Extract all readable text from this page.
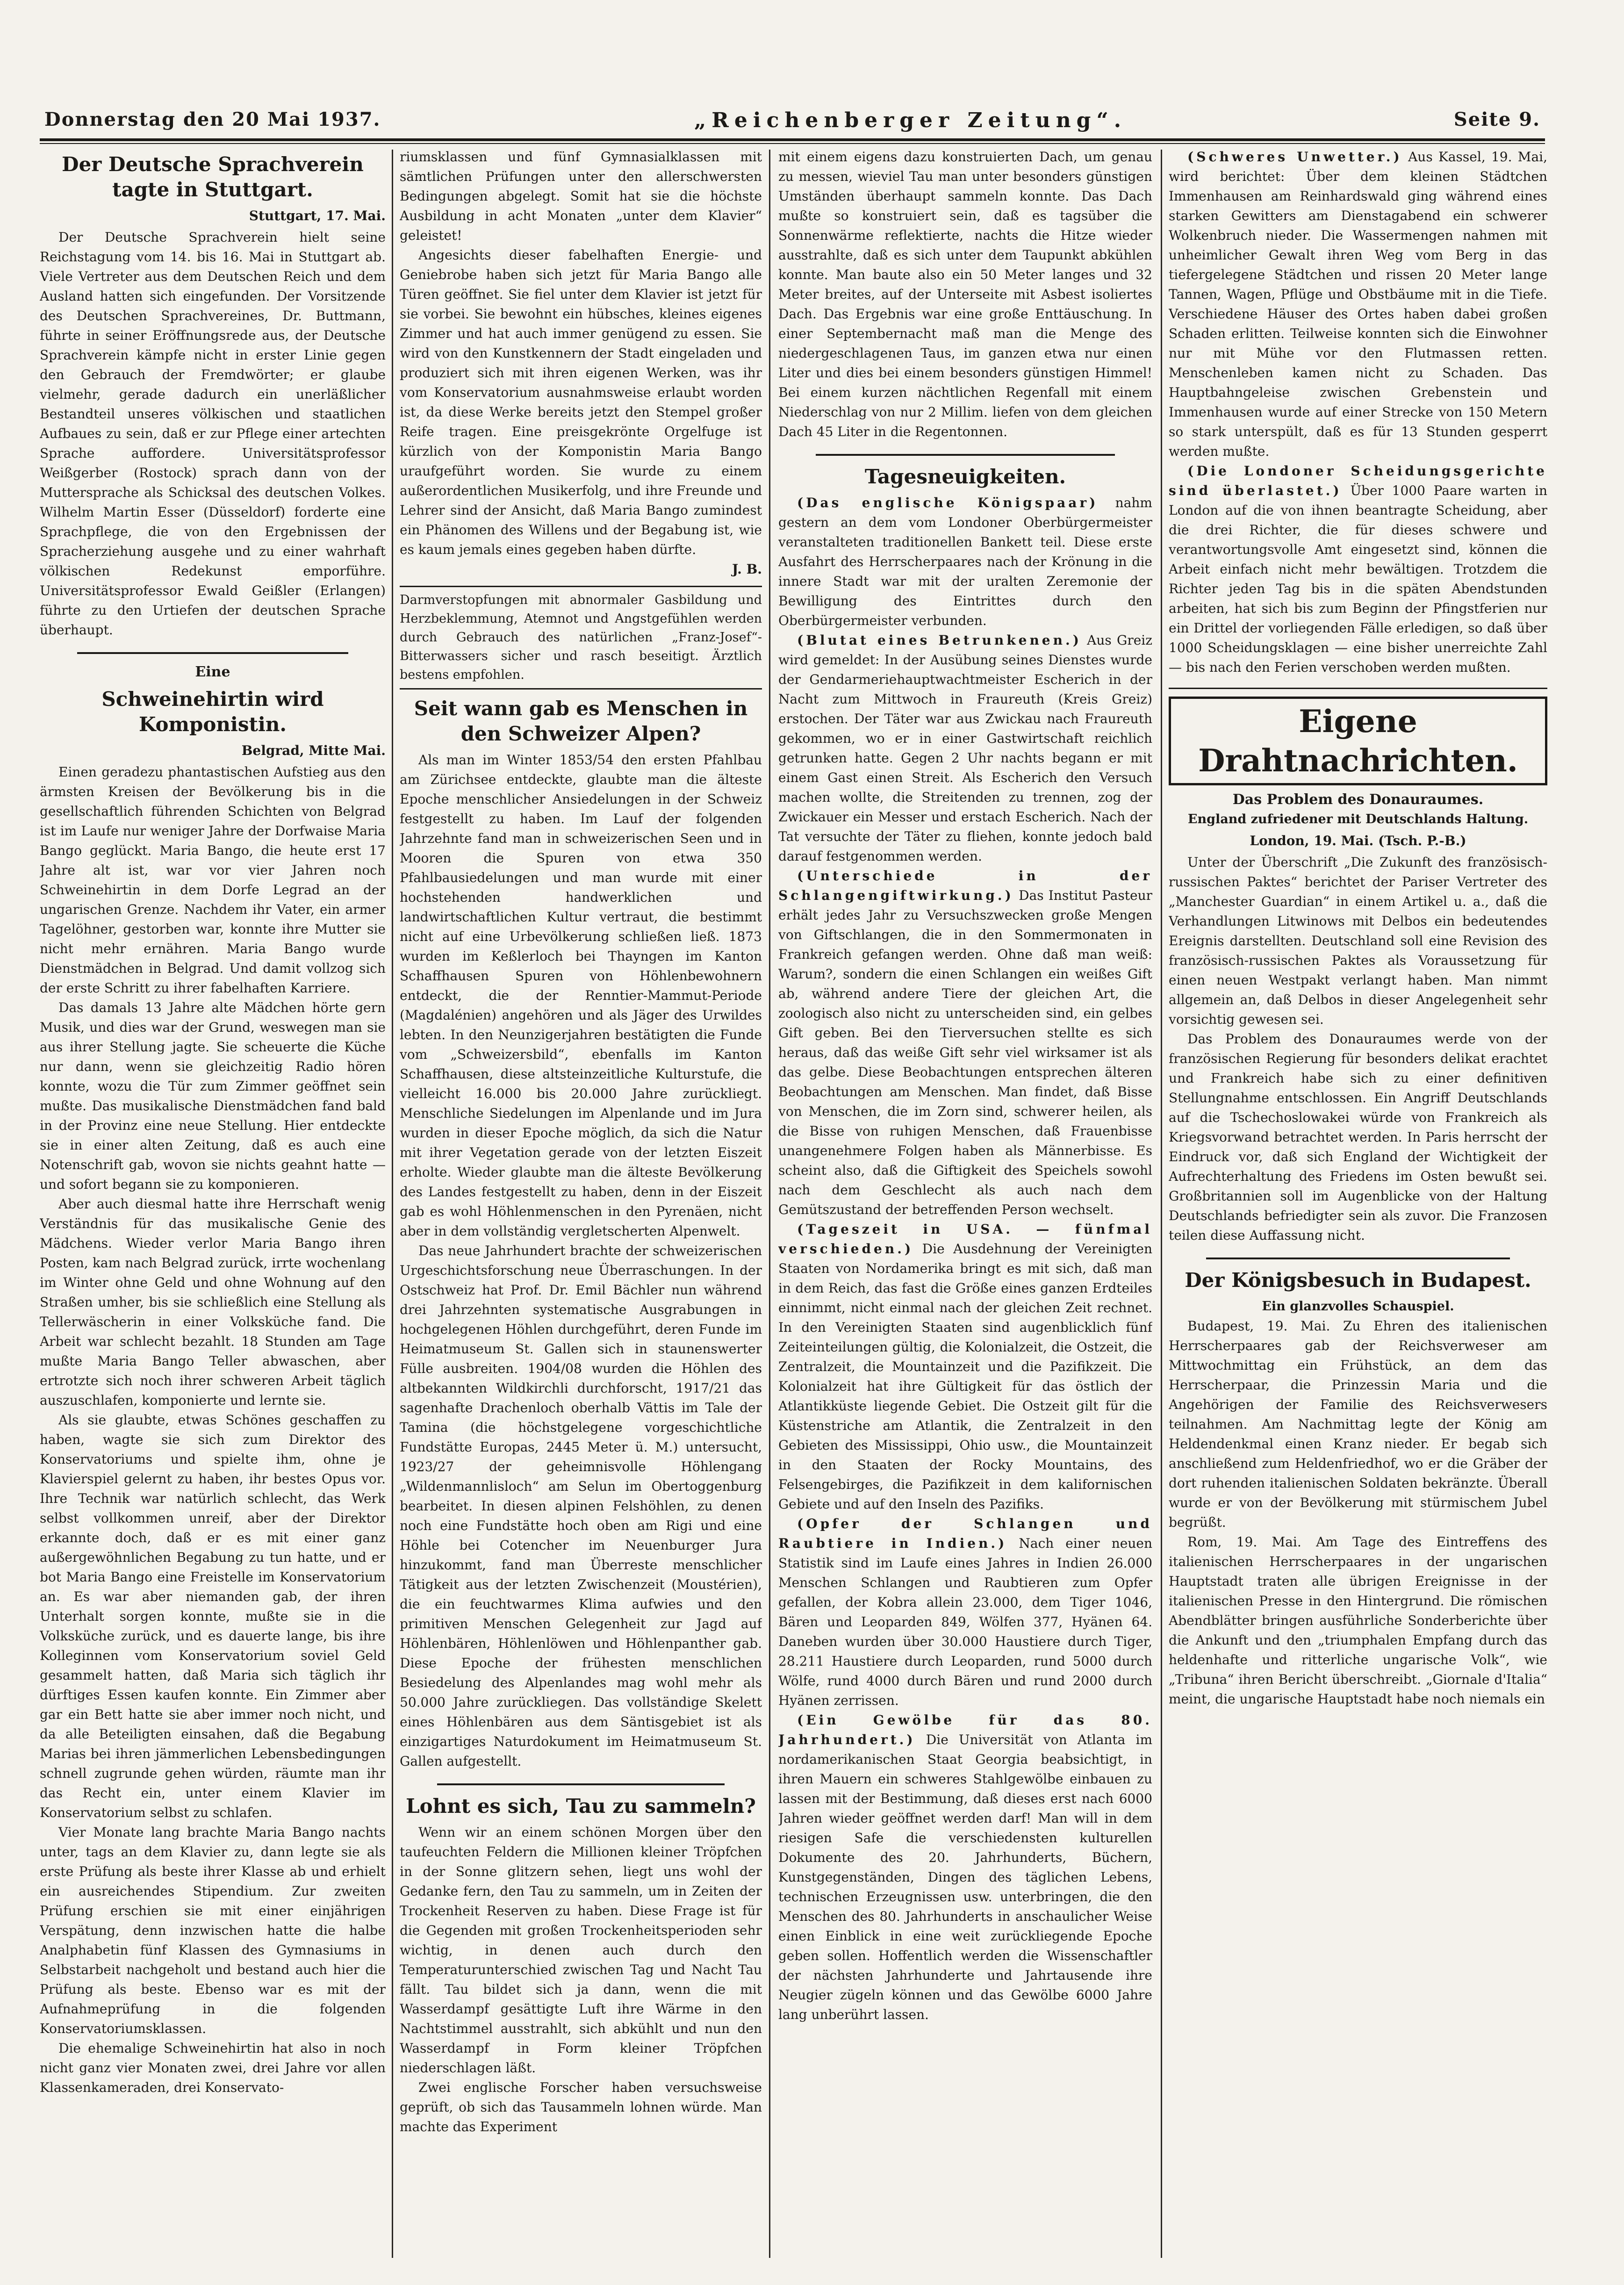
Donnerstag den 20 Mai 1937.	„Reichenberger Zeitung“.	Seite 9.
Der Deutsche Sprachverein tagte in Stuttgart.
Stuttgart, 17. Mai.

Der Deutsche Sprachverein hielt seine Reichstagung vom 14. bis 16. Mai in Stuttgart ab. Viele Vertreter aus dem Deutschen Reich und dem Ausland hatten sich eingefunden. Der Vorsitzende des Deutschen Sprachvereines, Dr. Buttmann, führte in seiner Eröffnungsrede aus, der Deutsche Sprachverein kämpfe nicht in erster Linie gegen den Gebrauch der Fremdwörter; er glaube vielmehr, gerade dadurch ein unerläßlicher Bestandteil unseres völkischen und staatlichen Aufbaues zu sein, daß er zur Pflege einer artechten Sprache auffordere. Universitätsprofessor Weißgerber (Rostock) sprach dann von der Muttersprache als Schicksal des deutschen Volkes. Wilhelm Martin Esser (Düsseldorf) forderte eine Sprachpflege, die von den Ergebnissen der Spracherziehung ausgehe und zu einer wahrhaft völkischen Redekunst emporführe. Universitätsprofessor Ewald Geißler (Erlangen) führte zu den Urtiefen der deutschen Sprache überhaupt.

Eine
Schweinehirtin wird Komponistin.
Belgrad, Mitte Mai.

Einen geradezu phantastischen Aufstieg aus den ärmsten Kreisen der Bevölkerung bis in die gesellschaftlich führenden Schichten von Belgrad ist im Laufe nur weniger Jahre der Dorfwaise Maria Bango geglückt. Maria Bango, die heute erst 17 Jahre alt ist, war vor vier Jahren noch Schweinehirtin in dem Dorfe Legrad an der ungarischen Grenze. Nachdem ihr Vater, ein armer Tagelöhner, gestorben war, konnte ihre Mutter sie nicht mehr ernähren. Maria Bango wurde Dienstmädchen in Belgrad. Und damit vollzog sich der erste Schritt zu ihrer fabelhaften Karriere.

Das damals 13 Jahre alte Mädchen hörte gern Musik, und dies war der Grund, weswegen man sie aus ihrer Stellung jagte. Sie scheuerte die Küche nur dann, wenn sie gleichzeitig Radio hören konnte, wozu die Tür zum Zimmer geöffnet sein mußte. Das musikalische Dienstmädchen fand bald in der Provinz eine neue Stellung. Hier entdeckte sie in einer alten Zeitung, daß es auch eine Notenschrift gab, wovon sie nichts geahnt hatte — und sofort begann sie zu komponieren.

Aber auch diesmal hatte ihre Herrschaft wenig Verständnis für das musikalische Genie des Mädchens. Wieder verlor Maria Bango ihren Posten, kam nach Belgrad zurück, irrte wochenlang im Winter ohne Geld und ohne Wohnung auf den Straßen umher, bis sie schließlich eine Stellung als Tellerwäscherin in einer Volksküche fand. Die Arbeit war schlecht bezahlt. 18 Stunden am Tage mußte Maria Bango Teller abwaschen, aber ertrotzte sich noch ihrer schweren Arbeit täglich auszuschlafen, komponierte und lernte sie.

Als sie glaubte, etwas Schönes geschaffen zu haben, wagte sie sich zum Direktor des Konservatoriums und spielte ihm, ohne je Klavierspiel gelernt zu haben, ihr bestes Opus vor. Ihre Technik war natürlich schlecht, das Werk selbst vollkommen unreif, aber der Direktor erkannte doch, daß er es mit einer ganz außergewöhnlichen Begabung zu tun hatte, und er bot Maria Bango eine Freistelle im Konservatorium an. Es war aber niemanden gab, der ihren Unterhalt sorgen konnte, mußte sie in die Volksküche zurück, und es dauerte lange, bis ihre Kolleginnen vom Konservatorium soviel Geld gesammelt hatten, daß Maria sich täglich ihr dürftiges Essen kaufen konnte. Ein Zimmer aber gar ein Bett hatte sie aber immer noch nicht, und da alle Beteiligten einsahen, daß die Begabung Marias bei ihren jämmerlichen Lebensbedingungen schnell zugrunde gehen würden, räumte man ihr das Recht ein, unter einem Klavier im Konservatorium selbst zu schlafen.

Vier Monate lang brachte Maria Bango nachts unter, tags an dem Klavier zu, dann legte sie als erste Prüfung als beste ihrer Klasse ab und erhielt ein ausreichendes Stipendium. Zur zweiten Prüfung erschien sie mit einer einjährigen Verspätung, denn inzwischen hatte die halbe Analphabetin fünf Klassen des Gymnasiums in Selbstarbeit nachgeholt und bestand auch hier die Prüfung als beste. Ebenso war es mit der Aufnahmeprüfung in die folgenden Konservatoriumsklassen.

Die ehemalige Schweinehirtin hat also in noch nicht ganz vier Monaten zwei, drei Jahre vor allen Klassenkameraden, drei Konservato-

riumsklassen und fünf Gymnasialklassen mit sämtlichen Prüfungen unter den allerschwersten Bedingungen abgelegt. Somit hat sie die höchste Ausbildung in acht Monaten „unter dem Klavier“ geleistet!

Angesichts dieser fabelhaften Energie- und Geniebrobe haben sich jetzt für Maria Bango alle Türen geöffnet. Sie fiel unter dem Klavier ist jetzt für sie vorbei. Sie bewohnt ein hübsches, kleines eigenes Zimmer und hat auch immer genügend zu essen. Sie wird von den Kunstkennern der Stadt eingeladen und produziert sich mit ihren eigenen Werken, was ihr vom Konservatorium ausnahmsweise erlaubt worden ist, da diese Werke bereits jetzt den Stempel großer Reife tragen. Eine preisgekrönte Orgelfuge ist kürzlich von der Komponistin Maria Bango uraufgeführt worden. Sie wurde zu einem außerordentlichen Musikerfolg, und ihre Freunde und Lehrer sind der Ansicht, daß Maria Bango zumindest ein Phänomen des Willens und der Begabung ist, wie es kaum jemals eines gegeben haben dürfte.

J. B.
Darmverstopfungen mit abnormaler Gasbildung und Herzbeklemmung, Atemnot und Angstgefühlen werden durch Gebrauch des natürlichen „Franz-Josef“-Bitterwassers sicher und rasch beseitigt. Ärztlich bestens empfohlen.
Seit wann gab es Menschen in den Schweizer Alpen?

Als man im Winter 1853/54 den ersten Pfahlbau am Zürichsee entdeckte, glaubte man die älteste Epoche menschlicher Ansiedelungen in der Schweiz festgestellt zu haben. Im Lauf der folgenden Jahrzehnte fand man in schweizerischen Seen und in Mooren die Spuren von etwa 350 Pfahlbausiedelungen und man wurde mit einer hochstehenden handwerklichen und landwirtschaftlichen Kultur vertraut, die bestimmt nicht auf eine Urbevölkerung schließen ließ. 1873 wurden im Keßlerloch bei Thayngen im Kanton Schaffhausen Spuren von Höhlenbewohnern entdeckt, die der Renntier-Mammut-Periode (Magdalénien) angehören und als Jäger des Urwildes lebten. In den Neunzigerjahren bestätigten die Funde vom „Schweizersbild“, ebenfalls im Kanton Schaffhausen, diese altsteinzeitliche Kulturstufe, die vielleicht 16.000 bis 20.000 Jahre zurückliegt. Menschliche Siedelungen im Alpenlande und im Jura wurden in dieser Epoche möglich, da sich die Natur mit ihrer Vegetation gerade von der letzten Eiszeit erholte. Wieder glaubte man die älteste Bevölkerung des Landes festgestellt zu haben, denn in der Eiszeit gab es wohl Höhlenmenschen in den Pyrenäen, nicht aber in dem vollständig vergletscherten Alpenwelt.

Das neue Jahrhundert brachte der schweizerischen Urgeschichtsforschung neue Überraschungen. In der Ostschweiz hat Prof. Dr. Emil Bächler nun während drei Jahrzehnten systematische Ausgrabungen in hochgelegenen Höhlen durchgeführt, deren Funde im Heimatmuseum St. Gallen sich in staunenswerter Fülle ausbreiten. 1904/08 wurden die Höhlen des altbekannten Wildkirchli durchforscht, 1917/21 das sagenhafte Drachenloch oberhalb Vättis im Tale der Tamina (die höchstgelegene vorgeschichtliche Fundstätte Europas, 2445 Meter ü. M.) untersucht, 1923/27 der geheimnisvolle Höhlengang „Wildenmannlisloch“ am Selun im Obertoggenburg bearbeitet. In diesen alpinen Felshöhlen, zu denen noch eine Fundstätte hoch oben am Rigi und eine Höhle bei Cotencher im Neuenburger Jura hinzukommt, fand man Überreste menschlicher Tätigkeit aus der letzten Zwischenzeit (Moustérien), die ein feuchtwarmes Klima aufwies und den primitiven Menschen Gelegenheit zur Jagd auf Höhlenbären, Höhlenlöwen und Höhlenpanther gab. Diese Epoche der frühesten menschlichen Besiedelung des Alpenlandes mag wohl mehr als 50.000 Jahre zurückliegen. Das vollständige Skelett eines Höhlenbären aus dem Säntisgebiet ist als einzigartiges Naturdokument im Heimatmuseum St. Gallen aufgestellt.

Lohnt es sich, Tau zu sammeln?

Wenn wir an einem schönen Morgen über den taufeuchten Feldern die Millionen kleiner Tröpfchen in der Sonne glitzern sehen, liegt uns wohl der Gedanke fern, den Tau zu sammeln, um in Zeiten der Trockenheit Reserven zu haben. Diese Frage ist für die Gegenden mit großen Trockenheitsperioden sehr wichtig, in denen auch durch den Temperaturunterschied zwischen Tag und Nacht Tau fällt. Tau bildet sich ja dann, wenn die mit Wasserdampf gesättigte Luft ihre Wärme in den Nachtstimmel ausstrahlt, sich abkühlt und nun den Wasserdampf in Form kleiner Tröpfchen niederschlagen läßt.

Zwei englische Forscher haben versuchsweise geprüft, ob sich das Tausammeln lohnen würde. Man machte das Experiment

mit einem eigens dazu konstruierten Dach, um genau zu messen, wieviel Tau man unter besonders günstigen Umständen überhaupt sammeln konnte. Das Dach mußte so konstruiert sein, daß es tagsüber die Sonnenwärme reflektierte, nachts die Hitze wieder ausstrahlte, daß es sich unter dem Taupunkt abkühlen konnte. Man baute also ein 50 Meter langes und 32 Meter breites, auf der Unterseite mit Asbest isoliertes Dach. Das Ergebnis war eine große Enttäuschung. In einer Septembernacht maß man die Menge des niedergeschlagenen Taus, im ganzen etwa nur einen Liter und dies bei einem besonders günstigen Himmel! Bei einem kurzen nächtlichen Regenfall mit einem Niederschlag von nur 2 Millim. liefen von dem gleichen Dach 45 Liter in die Regentonnen.

Tagesneuigkeiten.

(Das englische Königspaar) nahm gestern an dem vom Londoner Oberbürgermeister veranstalteten traditionellen Bankett teil. Diese erste Ausfahrt des Herrscherpaares nach der Krönung in die innere Stadt war mit der uralten Zeremonie der Bewilligung des Eintrittes durch den Oberbürgermeister verbunden.

(Blutat eines Betrunkenen.) Aus Greiz wird gemeldet: In der Ausübung seines Dienstes wurde der Gendarmeriehauptwachtmeister Escherich in der Nacht zum Mittwoch in Fraureuth (Kreis Greiz) erstochen. Der Täter war aus Zwickau nach Fraureuth gekommen, wo er in einer Gastwirtschaft reichlich getrunken hatte. Gegen 2 Uhr nachts begann er mit einem Gast einen Streit. Als Escherich den Versuch machen wollte, die Streitenden zu trennen, zog der Zwickauer ein Messer und erstach Escherich. Nach der Tat versuchte der Täter zu fliehen, konnte jedoch bald darauf festgenommen werden.

(Unterschiede in der Schlangengiftwirkung.) Das Institut Pasteur erhält jedes Jahr zu Versuchszwecken große Mengen von Giftschlangen, die in den Sommermonaten in Frankreich gefangen werden. Ohne daß man weiß: Warum?, sondern die einen Schlangen ein weißes Gift ab, während andere Tiere der gleichen Art, die zoologisch also nicht zu unterscheiden sind, ein gelbes Gift geben. Bei den Tierversuchen stellte es sich heraus, daß das weiße Gift sehr viel wirksamer ist als das gelbe. Diese Beobachtungen entsprechen älteren Beobachtungen am Menschen. Man findet, daß Bisse von Menschen, die im Zorn sind, schwerer heilen, als die Bisse von ruhigen Menschen, daß Frauenbisse unangenehmere Folgen haben als Männerbisse. Es scheint also, daß die Giftigkeit des Speichels sowohl nach dem Geschlecht als auch nach dem Gemütszustand der betreffenden Person wechselt.

(Tageszeit in USA. — fünfmal verschieden.) Die Ausdehnung der Vereinigten Staaten von Nordamerika bringt es mit sich, daß man in dem Reich, das fast die Größe eines ganzen Erdteiles einnimmt, nicht einmal nach der gleichen Zeit rechnet. In den Vereinigten Staaten sind augenblicklich fünf Zeiteinteilungen gültig, die Kolonialzeit, die Ostzeit, die Zentralzeit, die Mountainzeit und die Pazifikzeit. Die Kolonialzeit hat ihre Gültigkeit für das östlich der Atlantikküste liegende Gebiet. Die Ostzeit gilt für die Küstenstriche am Atlantik, die Zentralzeit in den Gebieten des Mississippi, Ohio usw., die Mountainzeit in den Staaten der Rocky Mountains, des Felsengebirges, die Pazifikzeit in dem kalifornischen Gebiete und auf den Inseln des Pazifiks.

(Opfer der Schlangen und Raubtiere in Indien.) Nach einer neuen Statistik sind im Laufe eines Jahres in Indien 26.000 Menschen Schlangen und Raubtieren zum Opfer gefallen, der Kobra allein 23.000, dem Tiger 1046, Bären und Leoparden 849, Wölfen 377, Hyänen 64. Daneben wurden über 30.000 Haustiere durch Tiger, 28.211 Haustiere durch Leoparden, rund 5000 durch Wölfe, rund 4000 durch Bären und rund 2000 durch Hyänen zerrissen.

(Ein Gewölbe für das 80. Jahrhundert.) Die Universität von Atlanta im nordamerikanischen Staat Georgia beabsichtigt, in ihren Mauern ein schweres Stahlgewölbe einbauen zu lassen mit der Bestimmung, daß dieses erst nach 6000 Jahren wieder geöffnet werden darf! Man will in dem riesigen Safe die verschiedensten kulturellen Dokumente des 20. Jahrhunderts, Büchern, Kunstgegenständen, Dingen des täglichen Lebens, technischen Erzeugnissen usw. unterbringen, die den Menschen des 80. Jahrhunderts in anschaulicher Weise einen Einblick in eine weit zurückliegende Epoche geben sollen. Hoffentlich werden die Wissenschaftler der nächsten Jahrhunderte und Jahrtausende ihre Neugier zügeln können und das Gewölbe 6000 Jahre lang unberührt lassen.

(Schweres Unwetter.) Aus Kassel, 19. Mai, wird berichtet: Über dem kleinen Städtchen Immenhausen am Reinhardswald ging während eines starken Gewitters am Dienstagabend ein schwerer Wolkenbruch nieder. Die Wassermengen nahmen mit unheimlicher Gewalt ihren Weg vom Berg in das tiefergelegene Städtchen und rissen 20 Meter lange Tannen, Wagen, Pflüge und Obstbäume mit in die Tiefe. Verschiedene Häuser des Ortes haben dabei großen Schaden erlitten. Teilweise konnten sich die Einwohner nur mit Mühe vor den Flutmassen retten. Menschenleben kamen nicht zu Schaden. Das Hauptbahngeleise zwischen Grebenstein und Immenhausen wurde auf einer Strecke von 150 Metern so stark unterspült, daß es für 13 Stunden gesperrt werden mußte.

(Die Londoner Scheidungsgerichte sind überlastet.) Über 1000 Paare warten in London auf die von ihnen beantragte Scheidung, aber die drei Richter, die für dieses schwere und verantwortungsvolle Amt eingesetzt sind, können die Arbeit einfach nicht mehr bewältigen. Trotzdem die Richter jeden Tag bis in die späten Abendstunden arbeiten, hat sich bis zum Beginn der Pfingstferien nur ein Drittel der vorliegenden Fälle erledigen, so daß über 1000 Scheidungsklagen — eine bisher unerreichte Zahl — bis nach den Ferien verschoben werden mußten.

Eigene Drahtnachrichten.
Das Problem des Donauraumes.
England zufriedener mit Deutschlands Haltung.
London, 19. Mai. (Tsch. P.-B.)

Unter der Überschrift „Die Zukunft des französisch-russischen Paktes“ berichtet der Pariser Vertreter des „Manchester Guardian“ in einem Artikel u. a., daß die Verhandlungen Litwinows mit Delbos ein bedeutendes Ereignis darstellten. Deutschland soll eine Revision des französisch-russischen Paktes als Voraussetzung für einen neuen Westpakt verlangt haben. Man nimmt allgemein an, daß Delbos in dieser Angelegenheit sehr vorsichtig gewesen sei.

Das Problem des Donauraumes werde von der französischen Regierung für besonders delikat erachtet und Frankreich habe sich zu einer definitiven Stellungnahme entschlossen. Ein Angriff Deutschlands auf die Tschechoslowakei würde von Frankreich als Kriegsvorwand betrachtet werden. In Paris herrscht der Eindruck vor, daß sich England der Wichtigkeit der Aufrechterhaltung des Friedens im Osten bewußt sei. Großbritannien soll im Augenblicke von der Haltung Deutschlands befriedigter sein als zuvor. Die Franzosen teilen diese Auffassung nicht.

Der Königsbesuch in Budapest.
Ein glanzvolles Schauspiel.

Budapest, 19. Mai. Zu Ehren des italienischen Herrscherpaares gab der Reichsverweser am Mittwochmittag ein Frühstück, an dem das Herrscherpaar, die Prinzessin Maria und die Angehörigen der Familie des Reichsverwesers teilnahmen. Am Nachmittag legte der König am Heldendenkmal einen Kranz nieder. Er begab sich anschließend zum Heldenfriedhof, wo er die Gräber der dort ruhenden italienischen Soldaten bekränzte. Überall wurde er von der Bevölkerung mit stürmischem Jubel begrüßt.

Rom, 19. Mai. Am Tage des Eintreffens des italienischen Herrscherpaares in der ungarischen Hauptstadt traten alle übrigen Ereignisse in der italienischen Presse in den Hintergrund. Die römischen Abendblätter bringen ausführliche Sonderberichte über die Ankunft und den „triumphalen Empfang durch das heldenhafte und ritterliche ungarische Volk“, wie „Tribuna“ ihren Bericht überschreibt. „Giornale d'Italia“ meint, die ungarische Hauptstadt habe noch niemals ein
